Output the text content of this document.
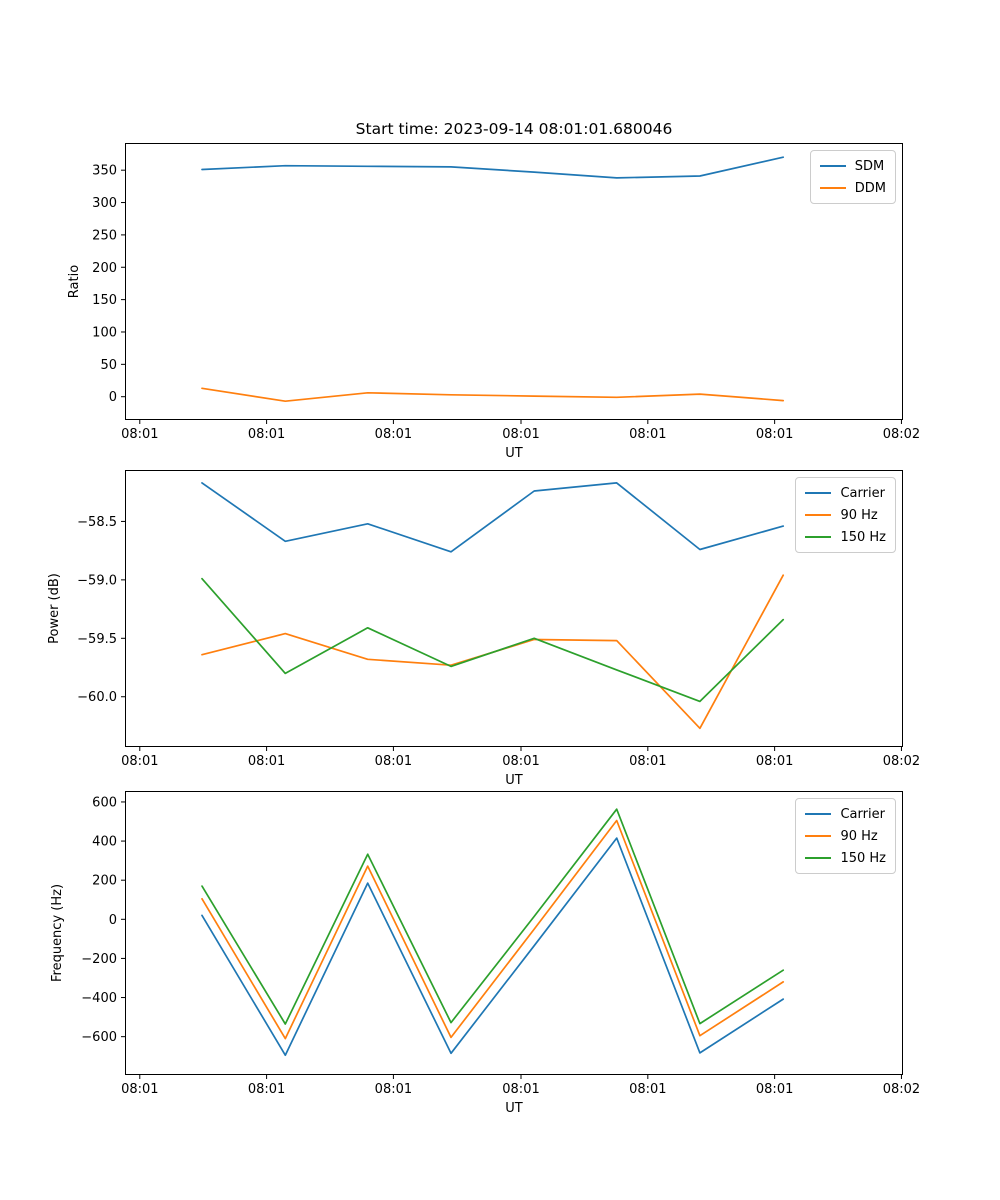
Start time: 2023-09-14 08:01:01.680046
350
300
250
200
150
100
50
0
08:01	08:01	08:01	08:01	08:01	08:01	08:02
UT
Ratio
SDM
DDM
−58.5
−59.0
−59.5
−60.0
08:01	08:01	08:01	08:01	08:01	08:01	08:02
UT
Power (dB)
Carrier
90 Hz
150 Hz
600
400
200
0
−200
−400
−600
08:01	08:01	08:01	08:01	08:01	08:01	08:02
UT
Frequency (Hz)
Carrier
90 Hz
150 Hz
